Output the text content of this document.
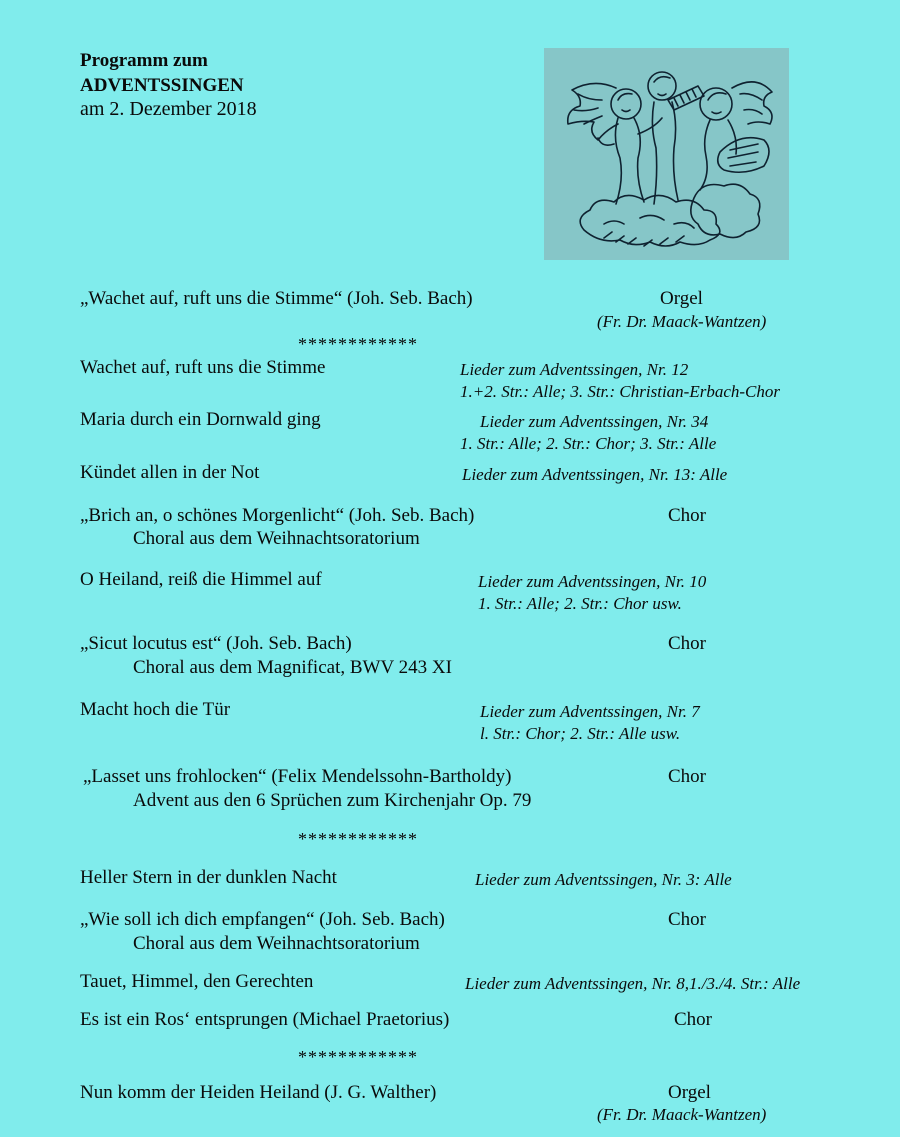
Programm zum
ADVENTSSINGEN
am 2. Dezember 2018
„Wachet auf, ruft uns die Stimme“ (Joh. Seb. Bach)	Orgel
(Fr. Dr. Maack-Wantzen)
************
Wachet auf, ruft uns die Stimme	Lieder zum Adventssingen, Nr. 12
1.+2. Str.: Alle; 3. Str.: Christian-Erbach-Chor
Maria durch ein Dornwald ging	Lieder zum Adventssingen, Nr. 34
1. Str.: Alle; 2. Str.: Chor; 3. Str.: Alle
Kündet allen in der Not	Lieder zum Adventssingen, Nr. 13: Alle
„Brich an, o schönes Morgenlicht“ (Joh. Seb. Bach)	Chor
Choral aus dem Weihnachtsoratorium
O Heiland, reiß die Himmel auf	Lieder zum Adventssingen, Nr. 10
1. Str.: Alle; 2. Str.: Chor usw.
„Sicut locutus est“ (Joh. Seb. Bach)	Chor
Choral aus dem Magnificat, BWV 243 XI
Macht hoch die Tür	Lieder zum Adventssingen, Nr. 7
l. Str.: Chor; 2. Str.: Alle usw.
„Lasset uns frohlocken“ (Felix Mendelssohn-Bartholdy)	Chor
Advent aus den 6 Sprüchen zum Kirchenjahr Op. 79
************
Heller Stern in der dunklen Nacht	Lieder zum Adventssingen, Nr. 3: Alle
„Wie soll ich dich empfangen“ (Joh. Seb. Bach)	Chor
Choral aus dem Weihnachtsoratorium
Tauet, Himmel, den Gerechten	Lieder zum Adventssingen, Nr. 8,1./3./4. Str.: Alle
Es ist ein Ros‘ entsprungen (Michael Praetorius)	Chor
************
Nun komm der Heiden Heiland (J. G. Walther)	Orgel
(Fr. Dr. Maack-Wantzen)
